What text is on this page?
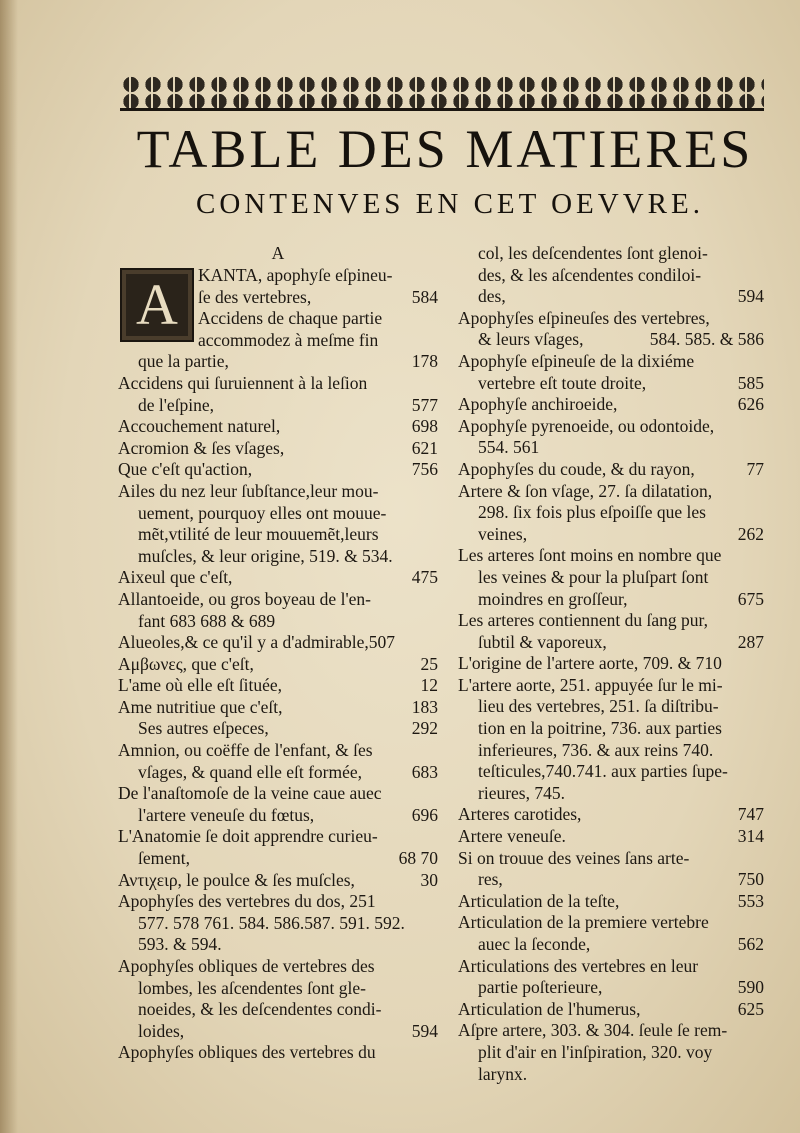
TABLE DES MATIERES
CONTENVES EN CET OEVVRE.
A
A	KANTA, apophyſe eſpineu-
ſe des vertebres,	584
Accidens de chaque partie
accommodez à meſme fin
que la partie,	178
Accidens qui ſuruiennent à la leſion
de l'eſpine,	577
Accouchement naturel,	698
Acromion & ſes vſages,	621
Que c'eſt qu'action,	756
Ailes du nez leur ſubſtance,leur mou-
uement, pourquoy elles ont mouue-
mẽt,vtilité de leur mouuemẽt,leurs
muſcles, & leur origine, 519. & 534.
Aixeul que c'eſt,	475
Allantoeide, ou gros boyeau de l'en-
fant 683 688 & 689
Alueoles,& ce qu'il y a d'admirable,507
Αμβωνες, que c'eſt,	25
L'ame où elle eſt ſituée,	12
Ame nutritiue que c'eſt,	183
Ses autres eſpeces,	292
Amnion, ou coëffe de l'enfant, & ſes
vſages, & quand elle eſt formée,	683
De l'anaſtomoſe de la veine caue auec
l'artere veneuſe du fœtus,	696
L'Anatomie ſe doit apprendre curieu-
ſement,	68 70
Αντιχειρ, le poulce & ſes muſcles,	30
Apophyſes des vertebres du dos, 251
577. 578 761. 584. 586.587. 591. 592.
593. & 594.
Apophyſes obliques de vertebres des
lombes, les aſcendentes ſont gle-
noeides, & les deſcendentes condi-
loides,	594
Apophyſes obliques des vertebres du
col, les deſcendentes ſont glenoi-
des, & les aſcendentes condiloi-
des,	594
Apophyſes eſpineuſes des vertebres,
& leurs vſages,	584. 585. & 586
Apophyſe eſpineuſe de la dixiéme
vertebre eſt toute droite,	585
Apophyſe anchiroeide,	626
Apophyſe pyrenoeide, ou odontoide,
554. 561
Apophyſes du coude, & du rayon,	77
Artere & ſon vſage, 27. ſa dilatation,
298. ſix fois plus eſpoiſſe que les
veines,	262
Les arteres ſont moins en nombre que
les veines & pour la pluſpart ſont
moindres en groſſeur,	675
Les arteres contiennent du ſang pur,
ſubtil & vaporeux,	287
L'origine de l'artere aorte, 709. & 710
L'artere aorte, 251. appuyée ſur le mi-
lieu des vertebres, 251. ſa diſtribu-
tion en la poitrine, 736. aux parties
inferieures, 736. & aux reins 740.
teſticules,740.741. aux parties ſupe-
rieures, 745.
Arteres carotides,	747
Artere veneuſe.	314
Si on trouue des veines ſans arte-
res,	750
Articulation de la teſte,	553
Articulation de la premiere vertebre
auec la ſeconde,	562
Articulations des vertebres en leur
partie poſterieure,	590
Articulation de l'humerus,	625
Aſpre artere, 303. & 304. ſeule ſe rem-
plit d'air en l'inſpiration, 320. voy
larynx.
